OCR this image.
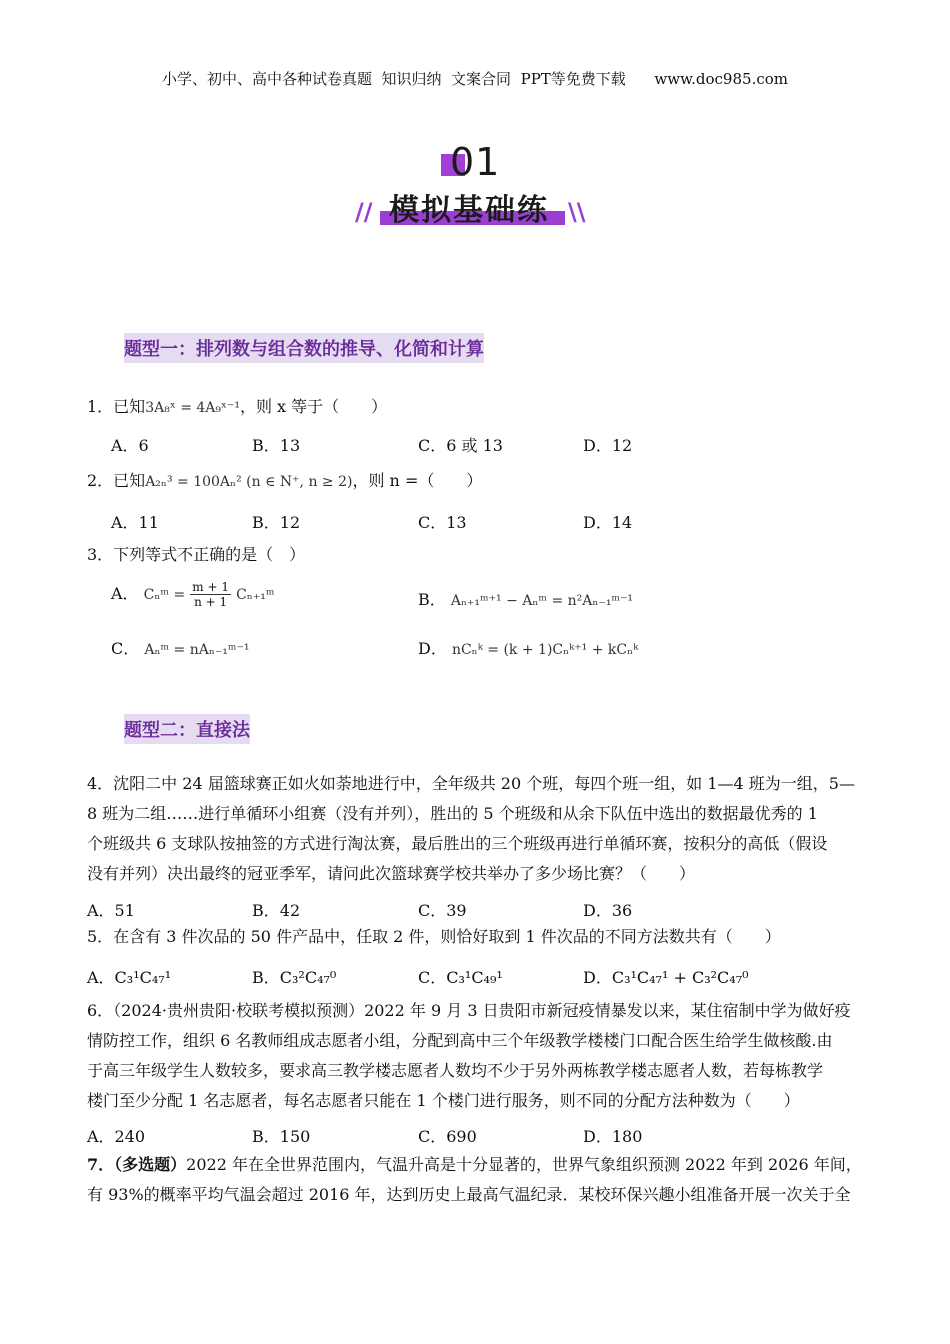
小学、初中、高中各种试卷真题  知识归纳  文案合同  PPT等免费下载      www.doc985.com
01
// 模拟基础练 \\
题型一：排列数与组合数的推导、化简和计算
1．已知3A₈ˣ = 4A₉ˣ⁻¹，则 x 等于（　　）
A．6	B．13	C．6 或 13	D．12
2．已知A₂ₙ³ = 100Aₙ² (n ∈ N⁺, n ≥ 2)，则 n =（　　）
A．11	B．12	C．13	D．14
3．下列等式不正确的是（　）
A． Cₙᵐ = $\frac{m + 1}{n + 1}$ Cₙ₊₁ᵐ	B． Aₙ₊₁ᵐ⁺¹ − Aₙᵐ = n²Aₙ₋₁ᵐ⁻¹
C． Aₙᵐ = nAₙ₋₁ᵐ⁻¹	D． nCₙᵏ = (k + 1)Cₙᵏ⁺¹ + kCₙᵏ
题型二：直接法
4．沈阳二中 24 届篮球赛正如火如荼地进行中，全年级共 20 个班，每四个班一组，如 1—4 班为一组，5—
8 班为二组……进行单循环小组赛（没有并列），胜出的 5 个班级和从余下队伍中选出的数据最优秀的 1
个班级共 6 支球队按抽签的方式进行淘汰赛，最后胜出的三个班级再进行单循环赛，按积分的高低（假设
没有并列）决出最终的冠亚季军，请问此次篮球赛学校共举办了多少场比赛？（　　）
A．51	B．42	C．39	D．36
5．在含有 3 件次品的 50 件产品中，任取 2 件，则恰好取到 1 件次品的不同方法数共有（　　）
A．C₃¹C₄₇¹	B．C₃²C₄₇⁰	C．C₃¹C₄₉¹	D．C₃¹C₄₇¹ + C₃²C₄₇⁰
6．（2024·贵州贵阳·校联考模拟预测）2022 年 9 月 3 日贵阳市新冠疫情暴发以来，某住宿制中学为做好疫
情防控工作，组织 6 名教师组成志愿者小组，分配到高中三个年级教学楼楼门口配合医生给学生做核酸.由
于高三年级学生人数较多，要求高三教学楼志愿者人数均不少于另外两栋教学楼志愿者人数，若每栋教学
楼门至少分配 1 名志愿者，每名志愿者只能在 1 个楼门进行服务，则不同的分配方法种数为（　　）
A．240	B．150	C．690	D．180
7．（多选题）2022 年在全世界范围内，气温升高是十分显著的，世界气象组织预测 2022 年到 2026 年间，
有 93%的概率平均气温会超过 2016 年，达到历史上最高气温纪录．某校环保兴趣小组准备开展一次关于全
